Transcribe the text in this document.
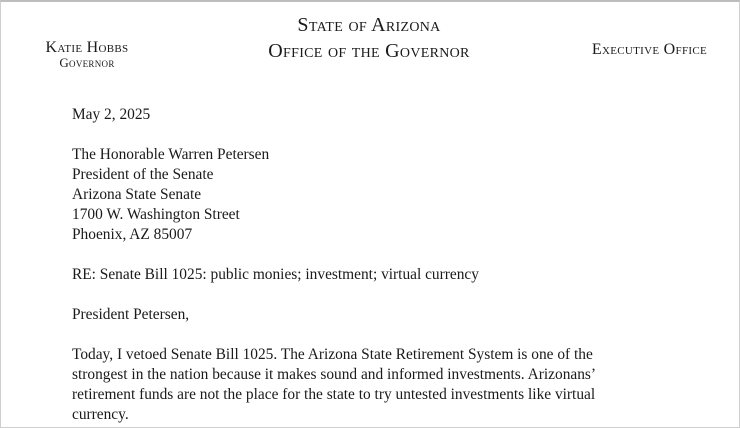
Katie Hobbs
Governor
State of Arizona
Office of the Governor	Executive Office
May 2, 2025
The Honorable Warren Petersen
President of the Senate
Arizona State Senate
1700 W. Washington Street
Phoenix, AZ 85007
RE: Senate Bill 1025: public monies; investment; virtual currency
President Petersen,
Today, I vetoed Senate Bill 1025. The Arizona State Retirement System is one of the strongest in the nation because it makes sound and informed investments. Arizonans’ retirement funds are not the place for the state to try untested investments like virtual currency.
